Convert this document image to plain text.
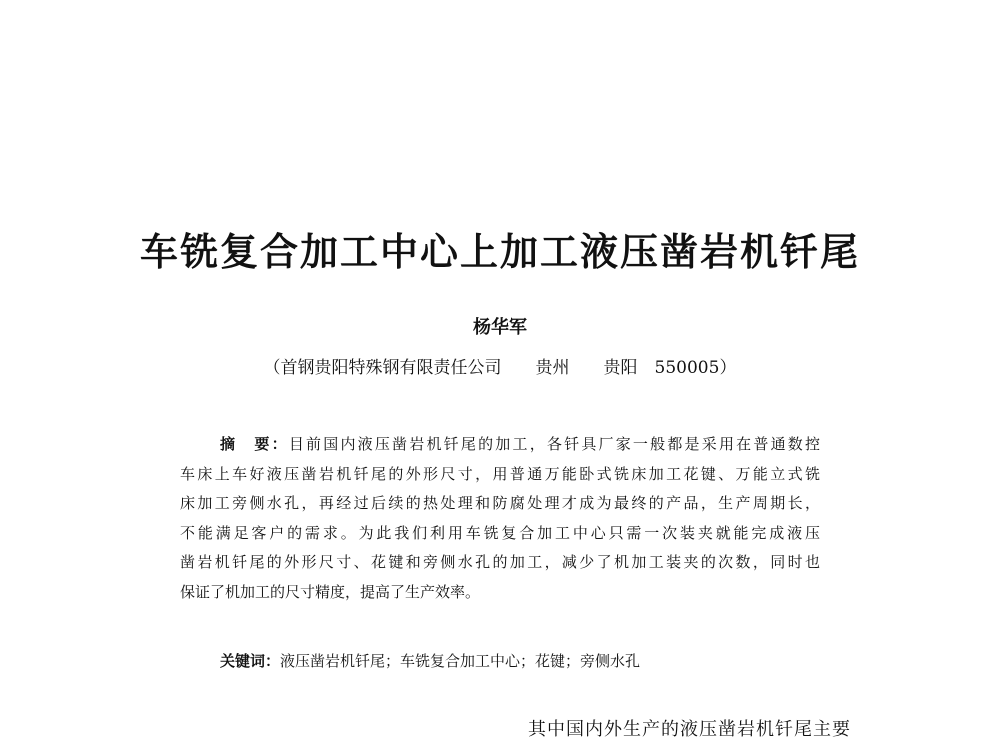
车铣复合加工中心上加工液压凿岩机钎尾
杨华军
（首钢贵阳特殊钢有限责任公司　　贵州　　贵阳　550005）
摘　要：目前国内液压凿岩机钎尾的加工，各钎具厂家一般都是采用在普通数控
车床上车好液压凿岩机钎尾的外形尺寸，用普通万能卧式铣床加工花键、万能立式铣
床加工旁侧水孔，再经过后续的热处理和防腐处理才成为最终的产品，生产周期长，
不能满足客户的需求。为此我们利用车铣复合加工中心只需一次装夹就能完成液压
凿岩机钎尾的外形尺寸、花键和旁侧水孔的加工，减少了机加工装夹的次数，同时也
保证了机加工的尺寸精度，提高了生产效率。
关键词：液压凿岩机钎尾；车铣复合加工中心；花键；旁侧水孔
其中国内外生产的液压凿岩机钎尾主要
